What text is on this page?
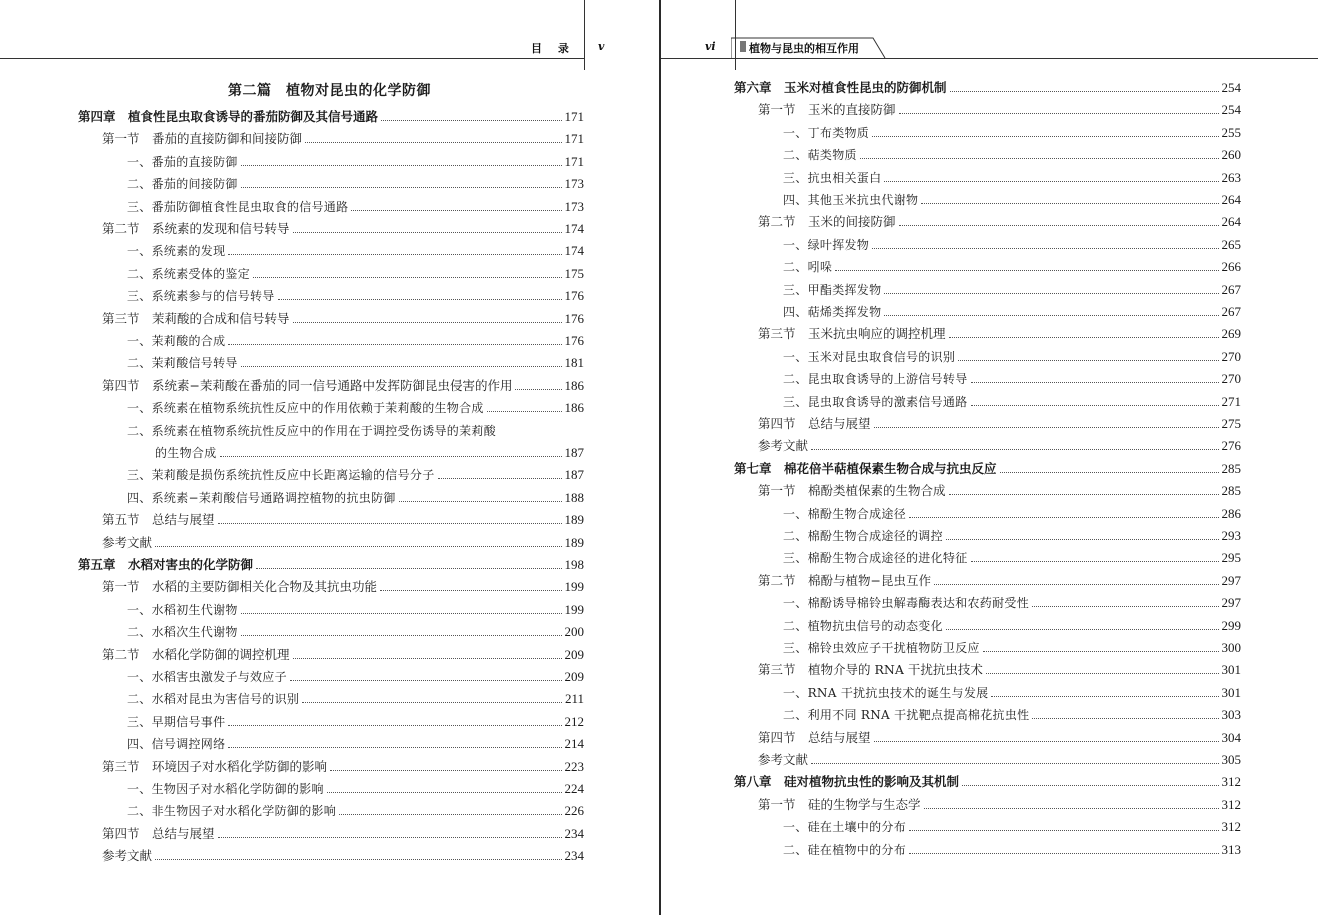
目 录 v
第二篇　植物对昆虫的化学防御
第四章　植食性昆虫取食诱导的番茄防御及其信号通路	171
第一节　番茄的直接防御和间接防御	171
一、番茄的直接防御	171
二、番茄的间接防御	173
三、番茄防御植食性昆虫取食的信号通路	173
第二节　系统素的发现和信号转导	174
一、系统素的发现	174
二、系统素受体的鉴定	175
三、系统素参与的信号转导	176
第三节　茉莉酸的合成和信号转导	176
一、茉莉酸的合成	176
二、茉莉酸信号转导	181
第四节　系统素−茉莉酸在番茄的同一信号通路中发挥防御昆虫侵害的作用	186
一、系统素在植物系统抗性反应中的作用依赖于茉莉酸的生物合成	186
二、系统素在植物系统抗性反应中的作用在于调控受伤诱导的茉莉酸
的生物合成	187
三、茉莉酸是损伤系统抗性反应中长距离运输的信号分子	187
四、系统素−茉莉酸信号通路调控植物的抗虫防御	188
第五节　总结与展望	189
参考文献	189
第五章　水稻对害虫的化学防御	198
第一节　水稻的主要防御相关化合物及其抗虫功能	199
一、水稻初生代谢物	199
二、水稻次生代谢物	200
第二节　水稻化学防御的调控机理	209
一、水稻害虫激发子与效应子	209
二、水稻对昆虫为害信号的识别	211
三、早期信号事件	212
四、信号调控网络	214
第三节　环境因子对水稻化学防御的影响	223
一、生物因子对水稻化学防御的影响	224
二、非生物因子对水稻化学防御的影响	226
第四节　总结与展望	234
参考文献	234
vi	植物与昆虫的相互作用
第六章　玉米对植食性昆虫的防御机制	254
第一节　玉米的直接防御	254
一、丁布类物质	255
二、萜类物质	260
三、抗虫相关蛋白	263
四、其他玉米抗虫代谢物	264
第二节　玉米的间接防御	264
一、绿叶挥发物	265
二、吲哚	266
三、甲酯类挥发物	267
四、萜烯类挥发物	267
第三节　玉米抗虫响应的调控机理	269
一、玉米对昆虫取食信号的识别	270
二、昆虫取食诱导的上游信号转导	270
三、昆虫取食诱导的激素信号通路	271
第四节　总结与展望	275
参考文献	276
第七章　棉花倍半萜植保素生物合成与抗虫反应	285
第一节　棉酚类植保素的生物合成	285
一、棉酚生物合成途径	286
二、棉酚生物合成途径的调控	293
三、棉酚生物合成途径的进化特征	295
第二节　棉酚与植物−昆虫互作	297
一、棉酚诱导棉铃虫解毒酶表达和农药耐受性	297
二、植物抗虫信号的动态变化	299
三、棉铃虫效应子干扰植物防卫反应	300
第三节　植物介导的 RNA 干扰抗虫技术	301
一、RNA 干扰抗虫技术的诞生与发展	301
二、利用不同 RNA 干扰靶点提高棉花抗虫性	303
第四节　总结与展望	304
参考文献	305
第八章　硅对植物抗虫性的影响及其机制	312
第一节　硅的生物学与生态学	312
一、硅在土壤中的分布	312
二、硅在植物中的分布	313
